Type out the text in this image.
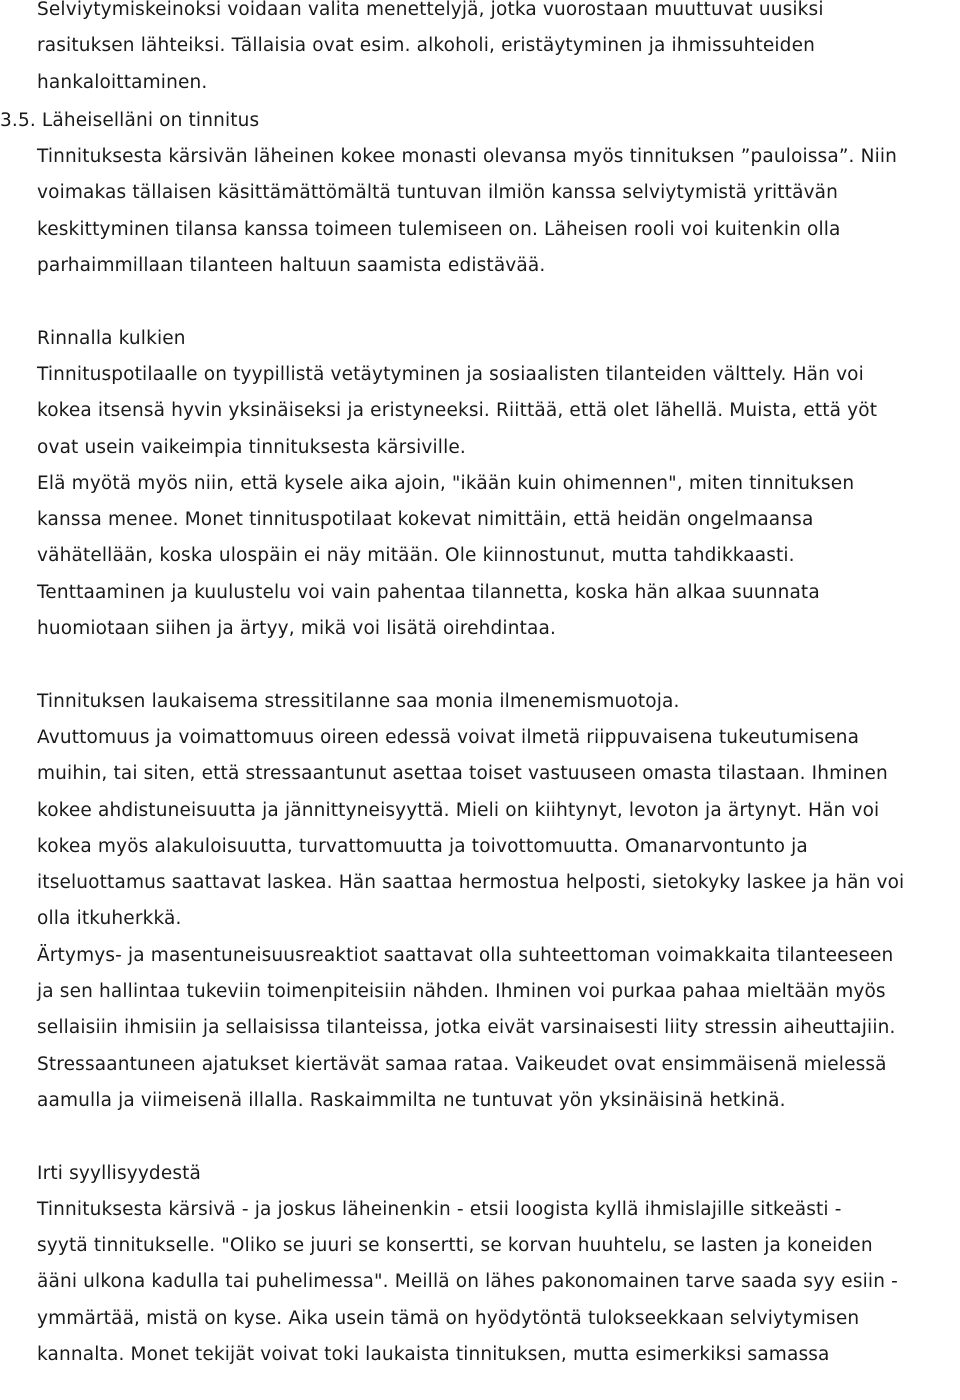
Selviytymiskeinoksi voidaan valita menettelyjä, jotka vuorostaan muuttuvat uusiksi
rasituksen lähteiksi. Tällaisia ovat esim. alkoholi, eristäytyminen ja ihmissuhteiden
hankaloittaminen.

3.5. Läheiselläni on tinnitus

Tinnituksesta kärsivän läheinen kokee monasti olevansa myös tinnituksen ”pauloissa”. Niin
voimakas tällaisen käsittämättömältä tuntuvan ilmiön kanssa selviytymistä yrittävän
keskittyminen tilansa kanssa toimeen tulemiseen on. Läheisen rooli voi kuitenkin olla
parhaimmillaan tilanteen haltuun saamista edistävää.

Rinnalla kulkien

Tinnituspotilaalle on tyypillistä vetäytyminen ja sosiaalisten tilanteiden välttely. Hän voi
kokea itsensä hyvin yksinäiseksi ja eristyneeksi. Riittää, että olet lähellä. Muista, että yöt
ovat usein vaikeimpia tinnituksesta kärsiville.

Elä myötä myös niin, että kysele aika ajoin, "ikään kuin ohimennen", miten tinnituksen
kanssa menee. Monet tinnituspotilaat kokevat nimittäin, että heidän ongelmaansa
vähätellään, koska ulospäin ei näy mitään. Ole kiinnostunut, mutta tahdikkaasti.

Tenttaaminen ja kuulustelu voi vain pahentaa tilannetta, koska hän alkaa suunnata
huomiotaan siihen ja ärtyy, mikä voi lisätä oirehdintaa.

Tinnituksen laukaisema stressitilanne saa monia ilmenemismuotoja.

Avuttomuus ja voimattomuus oireen edessä voivat ilmetä riippuvaisena tukeutumisena
muihin, tai siten, että stressaantunut asettaa toiset vastuuseen omasta tilastaan. Ihminen
kokee ahdistuneisuutta ja jännittyneisyyttä. Mieli on kiihtynyt, levoton ja ärtynyt. Hän voi
kokea myös alakuloisuutta, turvattomuutta ja toivottomuutta. Omanarvontunto ja
itseluottamus saattavat laskea. Hän saattaa hermostua helposti, sietokyky laskee ja hän voi
olla itkuherkkä.

Ärtymys- ja masentuneisuusreaktiot saattavat olla suhteettoman voimakkaita tilanteeseen
ja sen hallintaa tukeviin toimenpiteisiin nähden. Ihminen voi purkaa pahaa mieltään myös
sellaisiin ihmisiin ja sellaisissa tilanteissa, jotka eivät varsinaisesti liity stressin aiheuttajiin.
Stressaantuneen ajatukset kiertävät samaa rataa. Vaikeudet ovat ensimmäisenä mielessä
aamulla ja viimeisenä illalla. Raskaimmilta ne tuntuvat yön yksinäisinä hetkinä.

Irti syyllisyydestä

Tinnituksesta kärsivä - ja joskus läheinenkin - etsii loogista kyllä ihmislajille sitkeästi -
syytä tinnitukselle. "Oliko se juuri se konsertti, se korvan huuhtelu, se lasten ja koneiden
ääni ulkona kadulla tai puhelimessa". Meillä on lähes pakonomainen tarve saada syy esiin -
ymmärtää, mistä on kyse. Aika usein tämä on hyödytöntä tulokseekkaan selviytymisen
kannalta. Monet tekijät voivat toki laukaista tinnituksen, mutta esimerkiksi samassa
